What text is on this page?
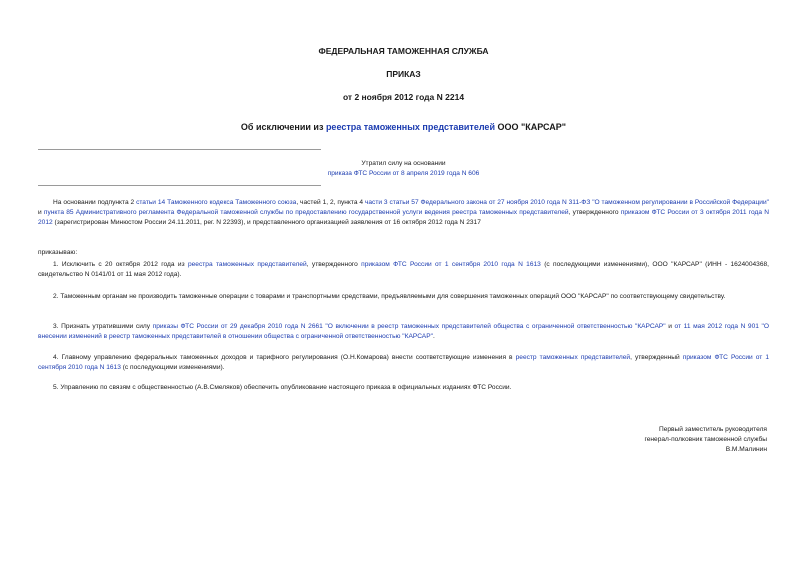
ФЕДЕРАЛЬНАЯ ТАМОЖЕННАЯ СЛУЖБА
ПРИКАЗ
от 2 ноября 2012 года N 2214
Об исключении из реестра таможенных представителей ООО "КАРСАР"
Утратил силу на основании
приказа ФТС России от 8 апреля 2019 года N 606
На основании подпункта 2 статьи 14 Таможенного кодекса Таможенного союза, частей 1, 2, пункта 4 части 3 статьи 57 Федерального закона от 27 ноября 2010 года N 311-ФЗ "О таможенном регулировании в Российской Федерации" и пункта 85 Административного регламента Федеральной таможенной службы по предоставлению государственной услуги ведения реестра таможенных представителей, утвержденного приказом ФТС России от 3 октября 2011 года N 2012 (зарегистрирован Минюстом России 24.11.2011, рег. N 22393), и представленного организацией заявления от 16 октября 2012 года N 2317
приказываю:
1. Исключить с 20 октября 2012 года из реестра таможенных представителей, утвержденного приказом ФТС России от 1 сентября 2010 года N 1613 (с последующими изменениями), ООО "КАРСАР" (ИНН - 1624004368, свидетельство N 0141/01 от 11 мая 2012 года).
2. Таможенным органам не производить таможенные операции с товарами и транспортными средствами, предъявляемыми для совершения таможенных операций ООО "КАРСАР" по соответствующему свидетельству.
3. Признать утратившими силу приказы ФТС России от 29 декабря 2010 года N 2661 "О включении в реестр таможенных представителей общества с ограниченной ответственностью "КАРСАР" и от 11 мая 2012 года N 901 "О внесении изменений в реестр таможенных представителей в отношении общества с ограниченной ответственностью "КАРСАР".
4. Главному управлению федеральных таможенных доходов и тарифного регулирования (О.Н.Комарова) внести соответствующие изменения в реестр таможенных представителей, утвержденный приказом ФТС России от 1 сентября 2010 года N 1613 (с последующими изменениями).
5. Управлению по связям с общественностью (А.В.Смеляков) обеспечить опубликование настоящего приказа в официальных изданиях ФТС России.
Первый заместитель руководителя
генерал-полковник таможенной службы
В.М.Малинин
